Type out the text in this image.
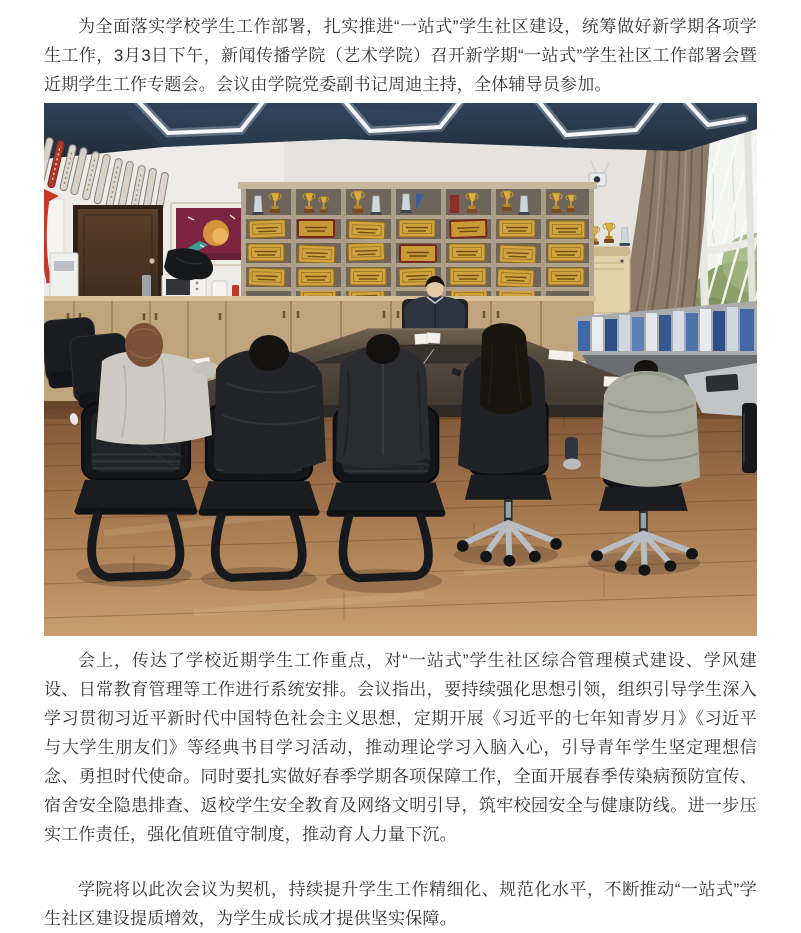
为全面落实学校学生工作部署，扎实推进“一站式”学生社区建设，统筹做好新学期各项学生工作，3月3日下午，新闻传播学院（艺术学院）召开新学期“一站式”学生社区工作部署会暨近期学生工作专题会。会议由学院党委副书记周迪主持，全体辅导员参加。

会上，传达了学校近期学生工作重点，对“一站式”学生社区综合管理模式建设、学风建设、日常教育管理等工作进行系统安排。会议指出，要持续强化思想引领，组织引导学生深入学习贯彻习近平新时代中国特色社会主义思想，定期开展《习近平的七年知青岁月》《习近平与大学生朋友们》等经典书目学习活动，推动理论学习入脑入心，引导青年学生坚定理想信念、勇担时代使命。同时要扎实做好春季学期各项保障工作，全面开展春季传染病预防宣传、宿舍安全隐患排查、返校学生安全教育及网络文明引导，筑牢校园安全与健康防线。进一步压实工作责任，强化值班值守制度，推动育人力量下沉。

学院将以此次会议为契机，持续提升学生工作精细化、规范化水平，不断推动“一站式”学生社区建设提质增效，为学生成长成才提供坚实保障。
